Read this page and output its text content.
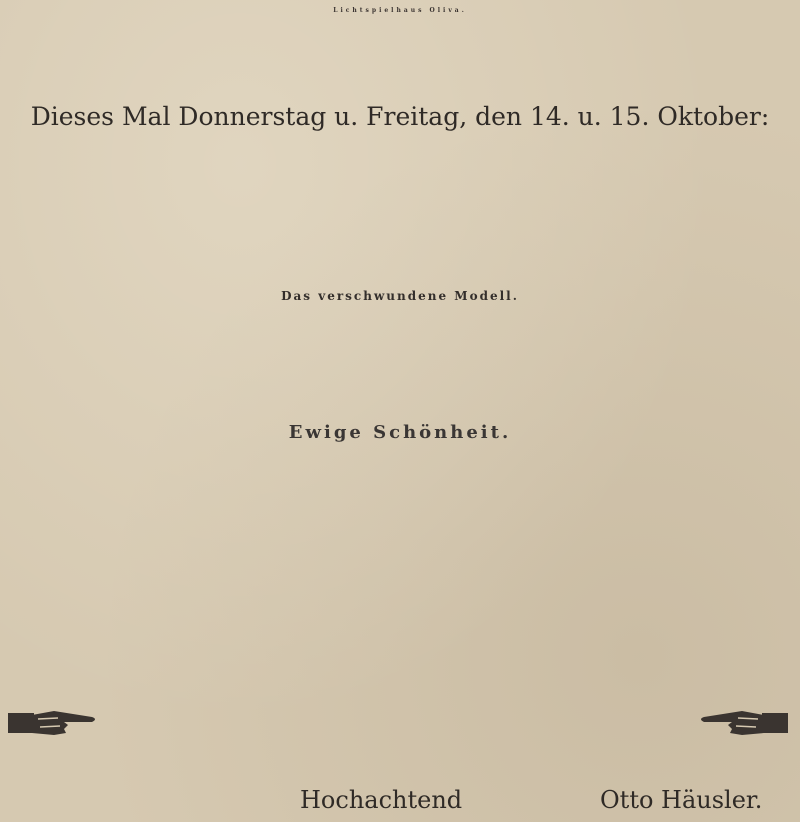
Lichtspielhaus Oliva.
Dieses Mal Donnerstag u. Freitag, den 14. u. 15. Oktober:
Das verschwundene Modell.
Ewige Schönheit.
Hochachtend	Otto Häusler.
